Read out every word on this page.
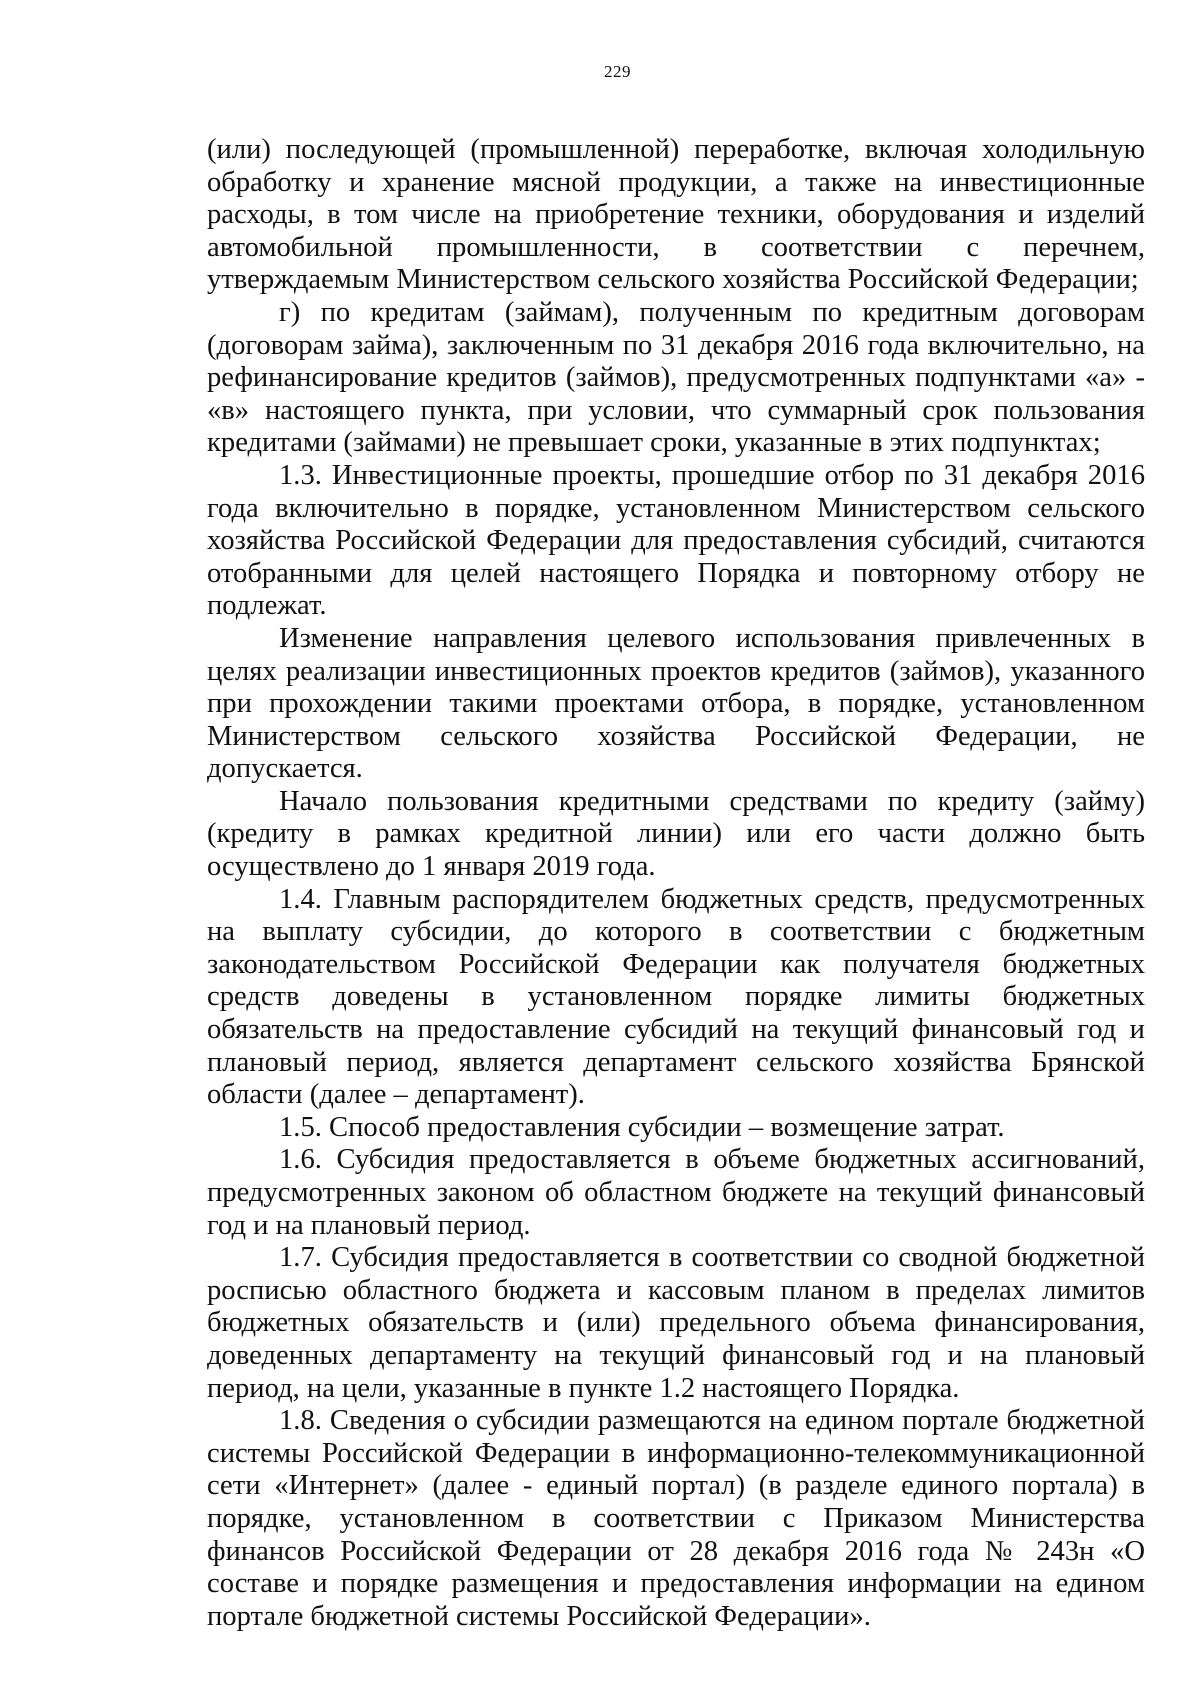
229

(или) последующей (промышленной) переработке, включая холодильную обработку и хранение мясной продукции, а также на инвестиционные расходы, в том числе на приобретение техники, оборудования и изделий автомобильной промышленности, в соответствии с перечнем, утверждаемым Министерством сельского хозяйства Российской Федерации;

г) по кредитам (займам), полученным по кредитным договорам (договорам займа), заключенным по 31 декабря 2016 года включительно, на рефинансирование кредитов (займов), предусмотренных подпунктами «а» - «в» настоящего пункта, при условии, что суммарный срок пользования кредитами (займами) не превышает сроки, указанные в этих подпунктах;

1.3. Инвестиционные проекты, прошедшие отбор по 31 декабря 2016 года включительно в порядке, установленном Министерством сельского хозяйства Российской Федерации для предоставления субсидий, считаются отобранными для целей настоящего Порядка и повторному отбору не подлежат.

Изменение направления целевого использования привлеченных в целях реализации инвестиционных проектов кредитов (займов), указанного при прохождении такими проектами отбора, в порядке, установленном Министерством сельского хозяйства Российской Федерации, не допускается.

Начало пользования кредитными средствами по кредиту (займу) (кредиту в рамках кредитной линии) или его части должно быть осуществлено до 1 января 2019 года.

1.4. Главным распорядителем бюджетных средств, предусмотренных на выплату субсидии, до которого в соответствии с бюджетным законодательством Российской Федерации как получателя бюджетных средств доведены в установленном порядке лимиты бюджетных обязательств на предоставление субсидий на текущий финансовый год и плановый период, является департамент сельского хозяйства Брянской области (далее – департамент).

1.5. Способ предоставления субсидии – возмещение затрат.

1.6. Субсидия предоставляется в объеме бюджетных ассигнований, предусмотренных законом об областном бюджете на текущий финансовый год и на плановый период.

1.7. Субсидия предоставляется в соответствии со сводной бюджетной росписью областного бюджета и кассовым планом в пределах лимитов бюджетных обязательств и (или) предельного объема финансирования, доведенных департаменту на текущий финансовый год и на плановый период, на цели, указанные в пункте 1.2 настоящего Порядка.

1.8. Сведения о субсидии размещаются на едином портале бюджетной системы Российской Федерации в информационно-телекоммуникационной сети «Интернет» (далее - единый портал) (в разделе единого портала) в порядке, установленном в соответствии с Приказом Министерства финансов Российской Федерации от 28 декабря 2016 года № 243н «О составе и порядке размещения и предоставления информации на едином портале бюджетной системы Российской Федерации».
